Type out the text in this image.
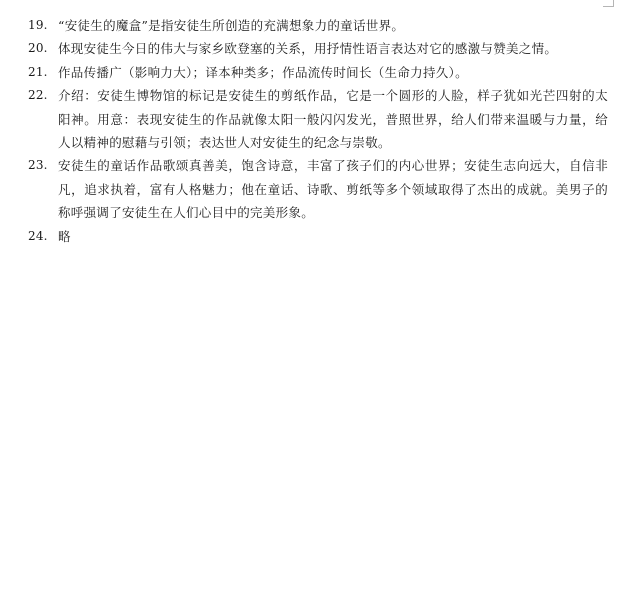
19. “安徒生的魔盒”是指安徒生所创造的充满想象力的童话世界。
20. 体现安徒生今日的伟大与家乡欧登塞的关系，用抒情性语言表达对它的感激与赞美之情。
21. 作品传播广（影响力大）；译本种类多；作品流传时间长（生命力持久）。
22. 介绍：安徒生博物馆的标记是安徒生的剪纸作品，它是一个圆形的人脸，样子犹如光芒四射的太阳神。用意：表现安徒生的作品就像太阳一般闪闪发光，普照世界，给人们带来温暖与力量，给人以精神的慰藉与引领；表达世人对安徒生的纪念与崇敬。
23. 安徒生的童话作品歌颂真善美，饱含诗意，丰富了孩子们的内心世界；安徒生志向远大，自信非凡，追求执着，富有人格魅力；他在童话、诗歌、剪纸等多个领域取得了杰出的成就。美男子的称呼强调了安徒生在人们心目中的完美形象。
24. 略
